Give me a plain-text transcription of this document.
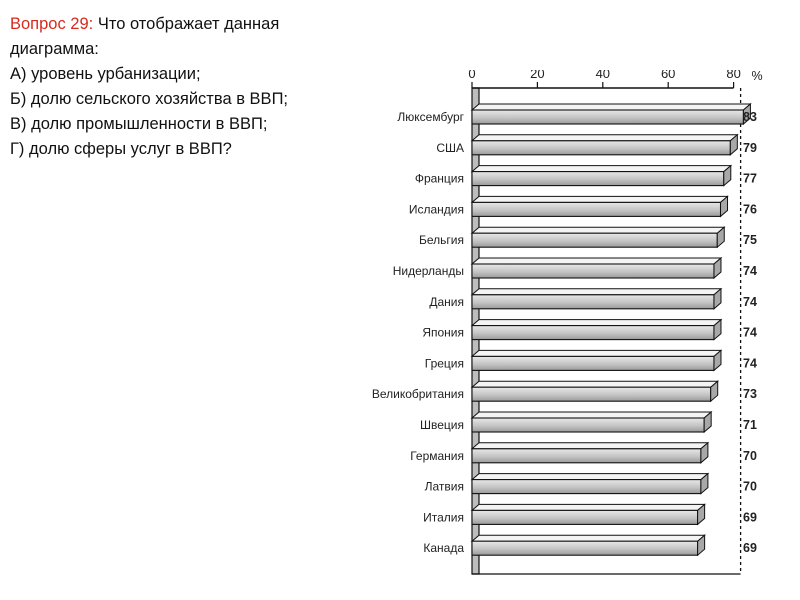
Вопрос 29: Что отображает данная
диаграмма:
А) уровень урбанизации;
Б) долю сельского хозяйства в ВВП;
В) долю промышленности в ВВП;
Г) долю сферы услуг в ВВП?
0	20	40	60	80 %
Люксембург	83
США	79
Франция	77
Исландия	76
Бельгия	75
Нидерланды	74
Дания	74
Япония	74
Греция	74
Великобритания	73
Швеция	71
Германия	70
Латвия	70
Италия	69
Канада	69
